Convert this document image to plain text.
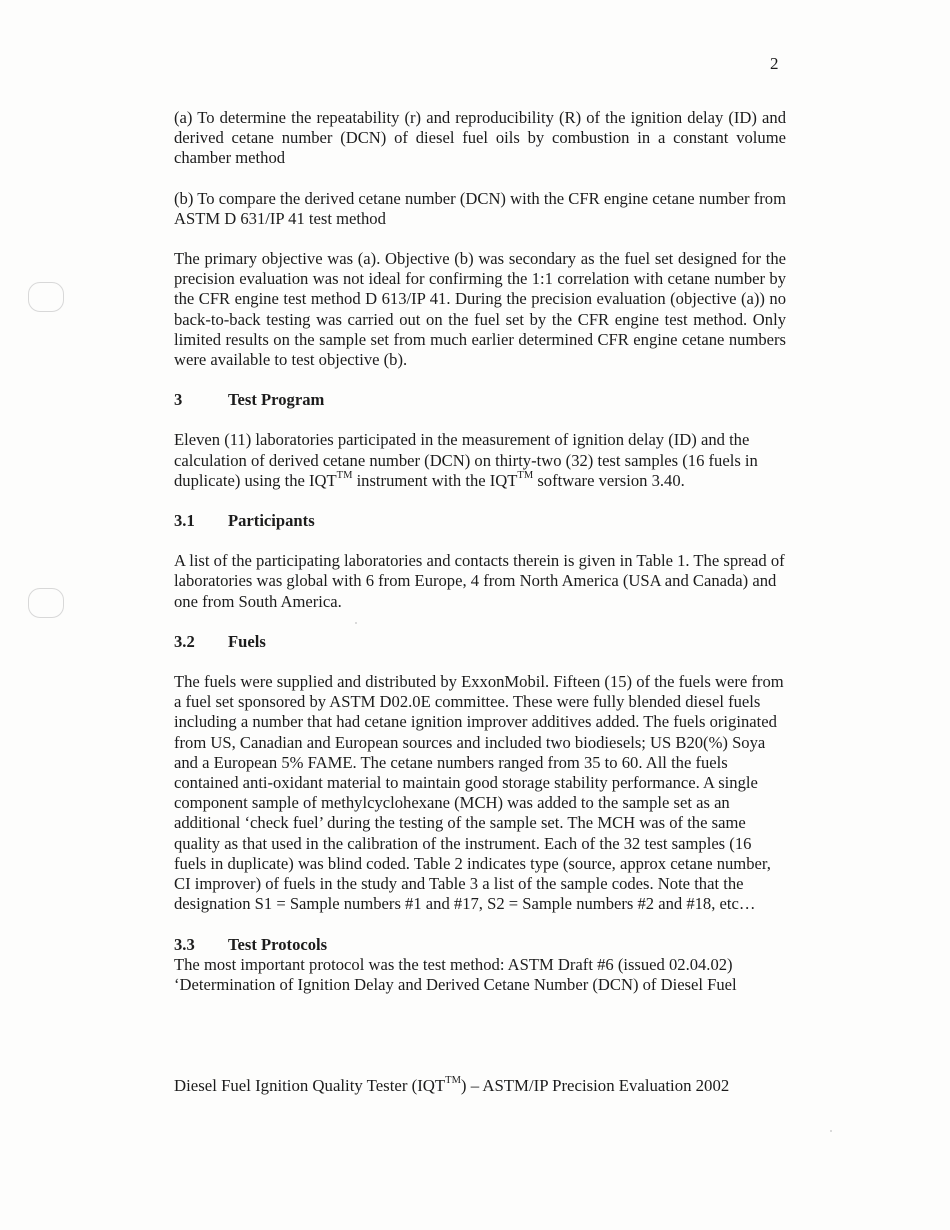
2

(a) To determine the repeatability (r) and reproducibility (R) of the ignition delay (ID) and derived cetane number (DCN) of diesel fuel oils by combustion in a constant volume chamber method

(b) To compare the derived cetane number (DCN) with the CFR engine cetane number from ASTM D 631/IP 41 test method

The primary objective was (a). Objective (b) was secondary as the fuel set designed for the precision evaluation was not ideal for confirming the 1:1 correlation with cetane number by the CFR engine test method D 613/IP 41. During the precision evaluation (objective (a)) no back-to-back testing was carried out on the fuel set by the CFR engine test method. Only limited results on the sample set from much earlier determined CFR engine cetane numbers were available to test objective (b).

3	Test Program

Eleven (11) laboratories participated in the measurement of ignition delay (ID) and the calculation of derived cetane number (DCN) on thirty-two (32) test samples (16 fuels in duplicate) using the IQT™ instrument with the IQT™ software version 3.40.

3.1	Participants

A list of the participating laboratories and contacts therein is given in Table 1. The spread of laboratories was global with 6 from Europe, 4 from North America (USA and Canada) and one from South America.

3.2	Fuels

The fuels were supplied and distributed by ExxonMobil. Fifteen (15) of the fuels were from a fuel set sponsored by ASTM D02.0E committee. These were fully blended diesel fuels including a number that had cetane ignition improver additives added. The fuels originated from US, Canadian and European sources and included two biodiesels; US B20(%) Soya and a European 5% FAME. The cetane numbers ranged from 35 to 60. All the fuels contained anti-oxidant material to maintain good storage stability performance. A single component sample of methylcyclohexane (MCH) was added to the sample set as an additional ‘check fuel’ during the testing of the sample set. The MCH was of the same quality as that used in the calibration of the instrument. Each of the 32 test samples (16 fuels in duplicate) was blind coded. Table 2 indicates type (source, approx cetane number, CI improver) of fuels in the study and Table 3 a list of the sample codes. Note that the designation S1 = Sample numbers #1 and #17, S2 = Sample numbers #2 and #18, etc…

3.3	Test Protocols

The most important protocol was the test method: ASTM Draft #6 (issued 02.04.02) ‘Determination of Ignition Delay and Derived Cetane Number (DCN) of Diesel Fuel

Diesel Fuel Ignition Quality Tester (IQT™) – ASTM/IP Precision Evaluation 2002
